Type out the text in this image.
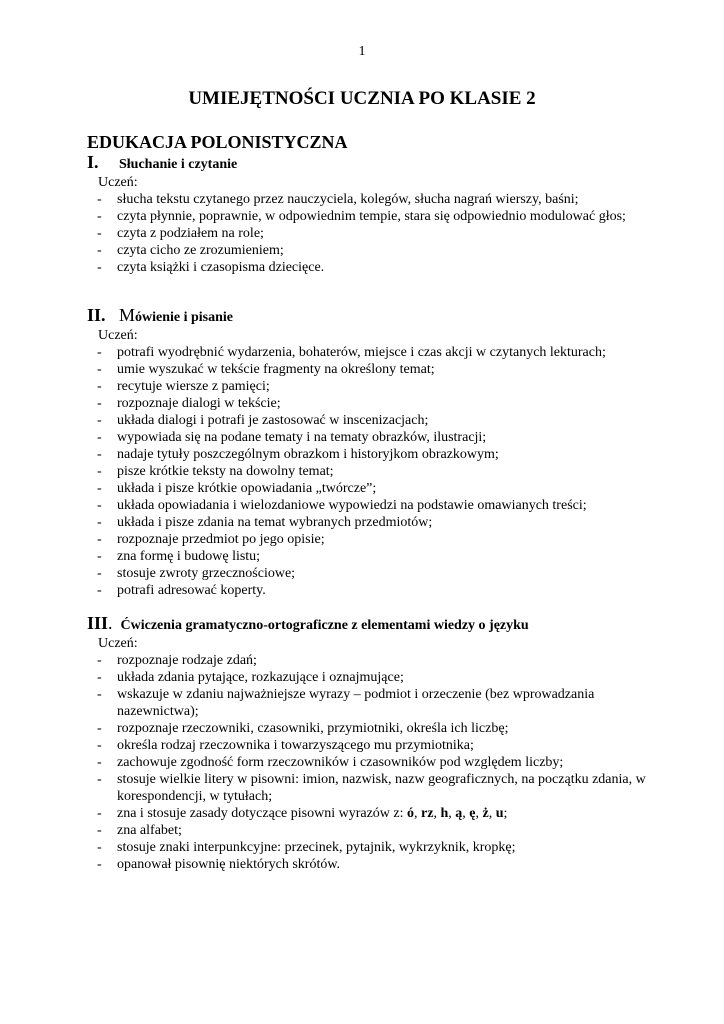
1
UMIEJĘTNOŚCI UCZNIA PO KLASIE 2
EDUKACJA POLONISTYCZNA
I.	Słuchanie i czytanie

Uczeń:

- słucha tekstu czytanego przez nauczyciela, kolegów, słucha nagrań wierszy, baśni;
- czyta płynnie, poprawnie, w odpowiednim tempie, stara się odpowiednio modulować głos;
- czyta z podziałem na role;
- czyta cicho ze zrozumieniem;
- czyta książki i czasopisma dziecięce.
II. Mówienie i pisanie

Uczeń:

- potrafi wyodrębnić wydarzenia, bohaterów, miejsce i czas akcji w czytanych lekturach;
- umie wyszukać w tekście fragmenty na określony temat;
- recytuje wiersze z pamięci;
- rozpoznaje dialogi w tekście;
- układa dialogi i potrafi je zastosować w inscenizacjach;
- wypowiada się na podane tematy i na tematy obrazków, ilustracji;
- nadaje tytuły poszczególnym obrazkom i historyjkom obrazkowym;
- pisze krótkie teksty na dowolny temat;
- układa i pisze krótkie opowiadania „twórcze”;
- układa opowiadania i wielozdaniowe wypowiedzi na podstawie omawianych treści;
- układa i pisze zdania na temat wybranych przedmiotów;
- rozpoznaje przedmiot po jego opisie;
- zna formę i budowę listu;
- stosuje zwroty grzecznościowe;
- potrafi adresować koperty.
III . Ćwiczenia gramatyczno-ortograficzne z elementami wiedzy o języku

Uczeń:

- rozpoznaje rodzaje zdań;
- układa zdania pytające, rozkazujące i oznajmujące;
- wskazuje w zdaniu najważniejsze wyrazy – podmiot i orzeczenie (bez wprowadzania nazewnictwa);
- rozpoznaje rzeczowniki, czasowniki, przymiotniki, określa ich liczbę;
- określa rodzaj rzeczownika i towarzyszącego mu przymiotnika;
- zachowuje zgodność form rzeczowników i czasowników pod względem liczby;
- stosuje wielkie litery w pisowni: imion, nazwisk, nazw geograficznych, na początku zdania, w korespondencji, w tytułach;
- zna i stosuje zasady dotyczące pisowni wyrazów z: ó, rz, h, ą, ę, ż, u;
- zna alfabet;
- stosuje znaki interpunkcyjne: przecinek, pytajnik, wykrzyknik, kropkę;
- opanował pisownię niektórych skrótów.
